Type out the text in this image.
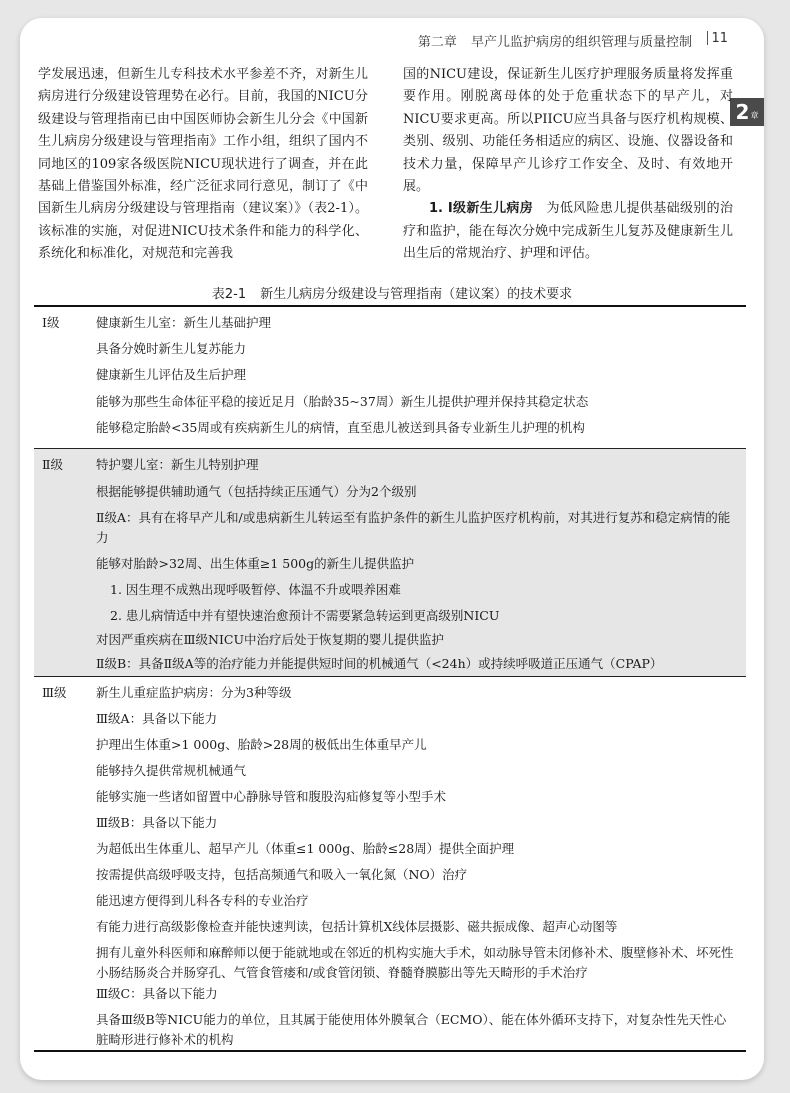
第二章 早产儿监护病房的组织管理与质量控制 11
2 章

学发展迅速，但新生儿专科技术水平参差不齐，对新生儿病房进行分级建设管理势在必行。目前，我国的NICU分级建设与管理指南已由中国医师协会新生儿分会《中国新生儿病房分级建设与管理指南》工作小组，组织了国内不同地区的109家各级医院NICU现状进行了调查，并在此基础上借鉴国外标准，经广泛征求同行意见，制订了《中国新生儿病房分级建设与管理指南（建议案）》（表2-1）。该标准的实施，对促进NICU技术条件和能力的科学化、系统化和标准化，对规范和完善我

国的NICU建设，保证新生儿医疗护理服务质量将发挥重要作用。刚脱离母体的处于危重状态下的早产儿，对NICU要求更高。所以PIICU应当具备与医疗机构规模、类别、级别、功能任务相适应的病区、设施、仪器设备和技术力量，保障早产儿诊疗工作安全、及时、有效地开展。

1. Ⅰ级新生儿病房　 为低风险患儿提供基础级别的治疗和监护，能在每次分娩中完成新生儿复苏及健康新生儿出生后的常规治疗、护理和评估。

表2-1 新生儿病房分级建设与管理指南（建议案）的技术要求
Ⅰ级	健康新生儿室：新生儿基础护理
具备分娩时新生儿复苏能力
健康新生儿评估及生后护理
能够为那些生命体征平稳的接近足月（胎龄35~37周）新生儿提供护理并保持其稳定状态
能够稳定胎龄<35周或有疾病新生儿的病情，直至患儿被送到具备专业新生儿护理的机构
Ⅱ级	特护婴儿室：新生儿特别护理
根据能够提供辅助通气（包括持续正压通气）分为2个级别
Ⅱ级A：具有在将早产儿和/或患病新生儿转运至有监护条件的新生儿监护医疗机构前，对其进行复苏和稳定病情的能力
能够对胎龄>32周、出生体重≥1 500g的新生儿提供监护
1. 因生理不成熟出现呼吸暂停、体温不升或喂养困难
2. 患儿病情适中并有望快速治愈预计不需要紧急转运到更高级别NICU
对因严重疾病在Ⅲ级NICU中治疗后处于恢复期的婴儿提供监护
Ⅱ级B：具备Ⅱ级A等的治疗能力并能提供短时间的机械通气（<24h）或持续呼吸道正压通气（CPAP）
Ⅲ级 新生儿重症监护病房：分为3种等级
Ⅲ级A：具备以下能力
护理出生体重>1 000g、胎龄>28周的极低出生体重早产儿
能够持久提供常规机械通气
能够实施一些诸如留置中心静脉导管和腹股沟疝修复等小型手术
Ⅲ级B：具备以下能力
为超低出生体重儿、超早产儿（体重≤1 000g、胎龄≤28周）提供全面护理
按需提供高级呼吸支持，包括高频通气和吸入一氧化氮（NO）治疗
能迅速方便得到儿科各专科的专业治疗
有能力进行高级影像检查并能快速判读，包括计算机X线体层摄影、磁共振成像、超声心动图等
拥有儿童外科医师和麻醉师以便于能就地或在邻近的机构实施大手术，如动脉导管未闭修补术、腹壁修补术、坏死性小肠结肠炎合并肠穿孔、气管食管瘘和/或食管闭锁、脊髓脊膜膨出等先天畸形的手术治疗
Ⅲ级C：具备以下能力
具备Ⅲ级B等NICU能力的单位，且其属于能使用体外膜氧合（ECMO）、能在体外循环支持下，对复杂性先天性心脏畸形进行修补术的机构
